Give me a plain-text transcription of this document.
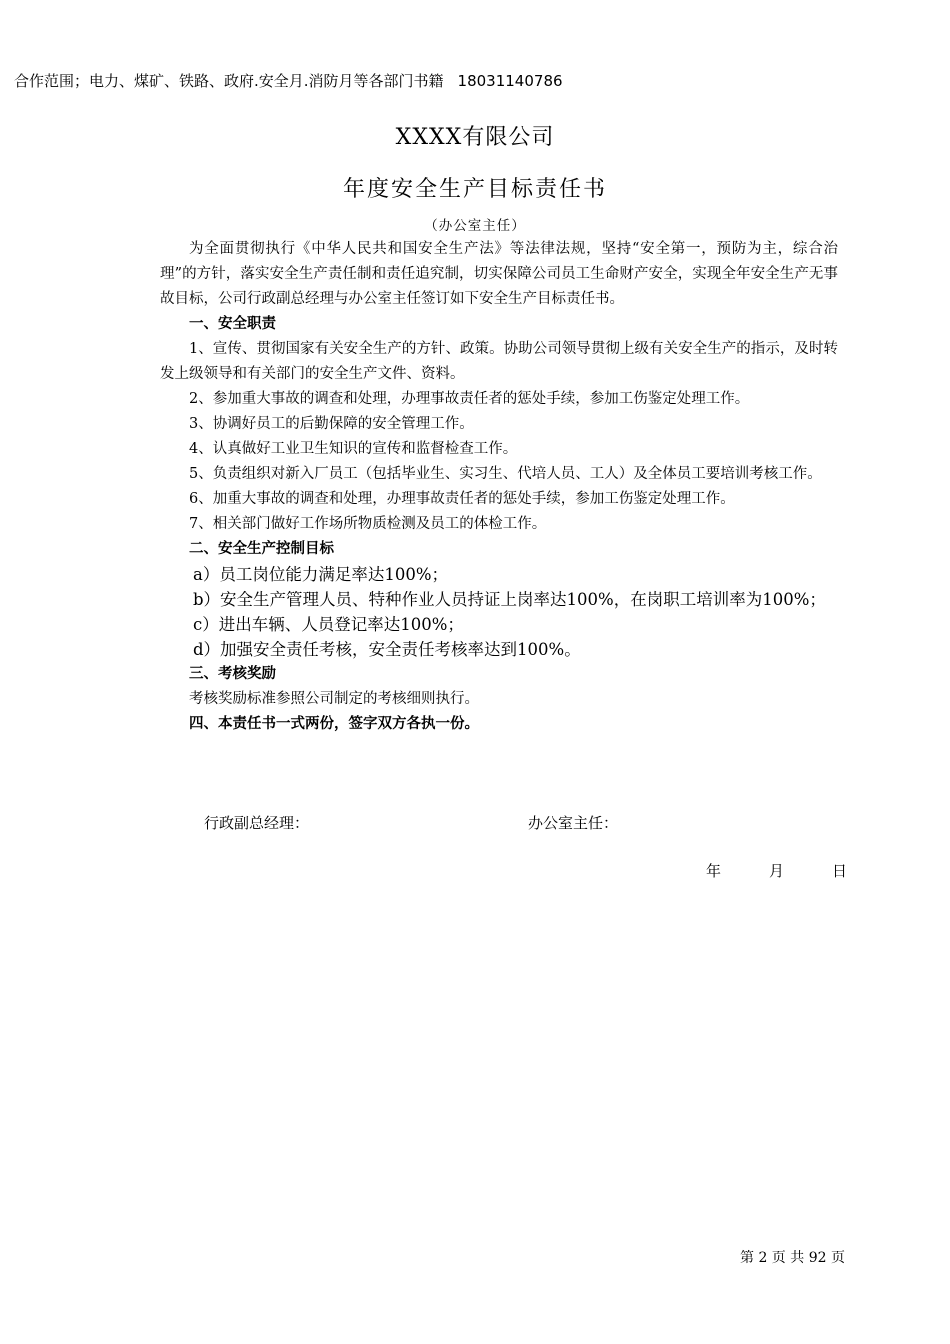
合作范围；电力、煤矿、铁路、政府.安全月.消防月等各部门书籍 18031140786
XXXX有限公司
年度安全生产目标责任书
（办公室主任）

为全面贯彻执行《中华人民共和国安全生产法》等法律法规，坚持“安全第一，预防为主，综合治理”的方针，落实安全生产责任制和责任追究制，切实保障公司员工生命财产安全，实现全年安全生产无事故目标，公司行政副总经理与办公室主任签订如下安全生产目标责任书。

一、安全职责

1、宣传、贯彻国家有关安全生产的方针、政策。协助公司领导贯彻上级有关安全生产的指示，及时转发上级领导和有关部门的安全生产文件、资料。

2、参加重大事故的调查和处理，办理事故责任者的惩处手续，参加工伤鉴定处理工作。

3、协调好员工的后勤保障的安全管理工作。

4、认真做好工业卫生知识的宣传和监督检查工作。

5、负责组织对新入厂员工（包括毕业生、实习生、代培人员、工人）及全体员工要培训考核工作。

6、加重大事故的调查和处理，办理事故责任者的惩处手续，参加工伤鉴定处理工作。

7、相关部门做好工作场所物质检测及员工的体检工作。

二、安全生产控制目标

a）员工岗位能力满足率达100%；

b）安全生产管理人员、特种作业人员持证上岗率达100%，在岗职工培训率为100%；

c）进出车辆、人员登记率达100%；

d）加强安全责任考核，安全责任考核率达到100%。

三、考核奖励

考核奖励标准参照公司制定的考核细则执行。

四、本责任书一式两份，签字双方各执一份。

行政副总经理：	办公室主任：
年	月	日
第 2 页 共 92 页
